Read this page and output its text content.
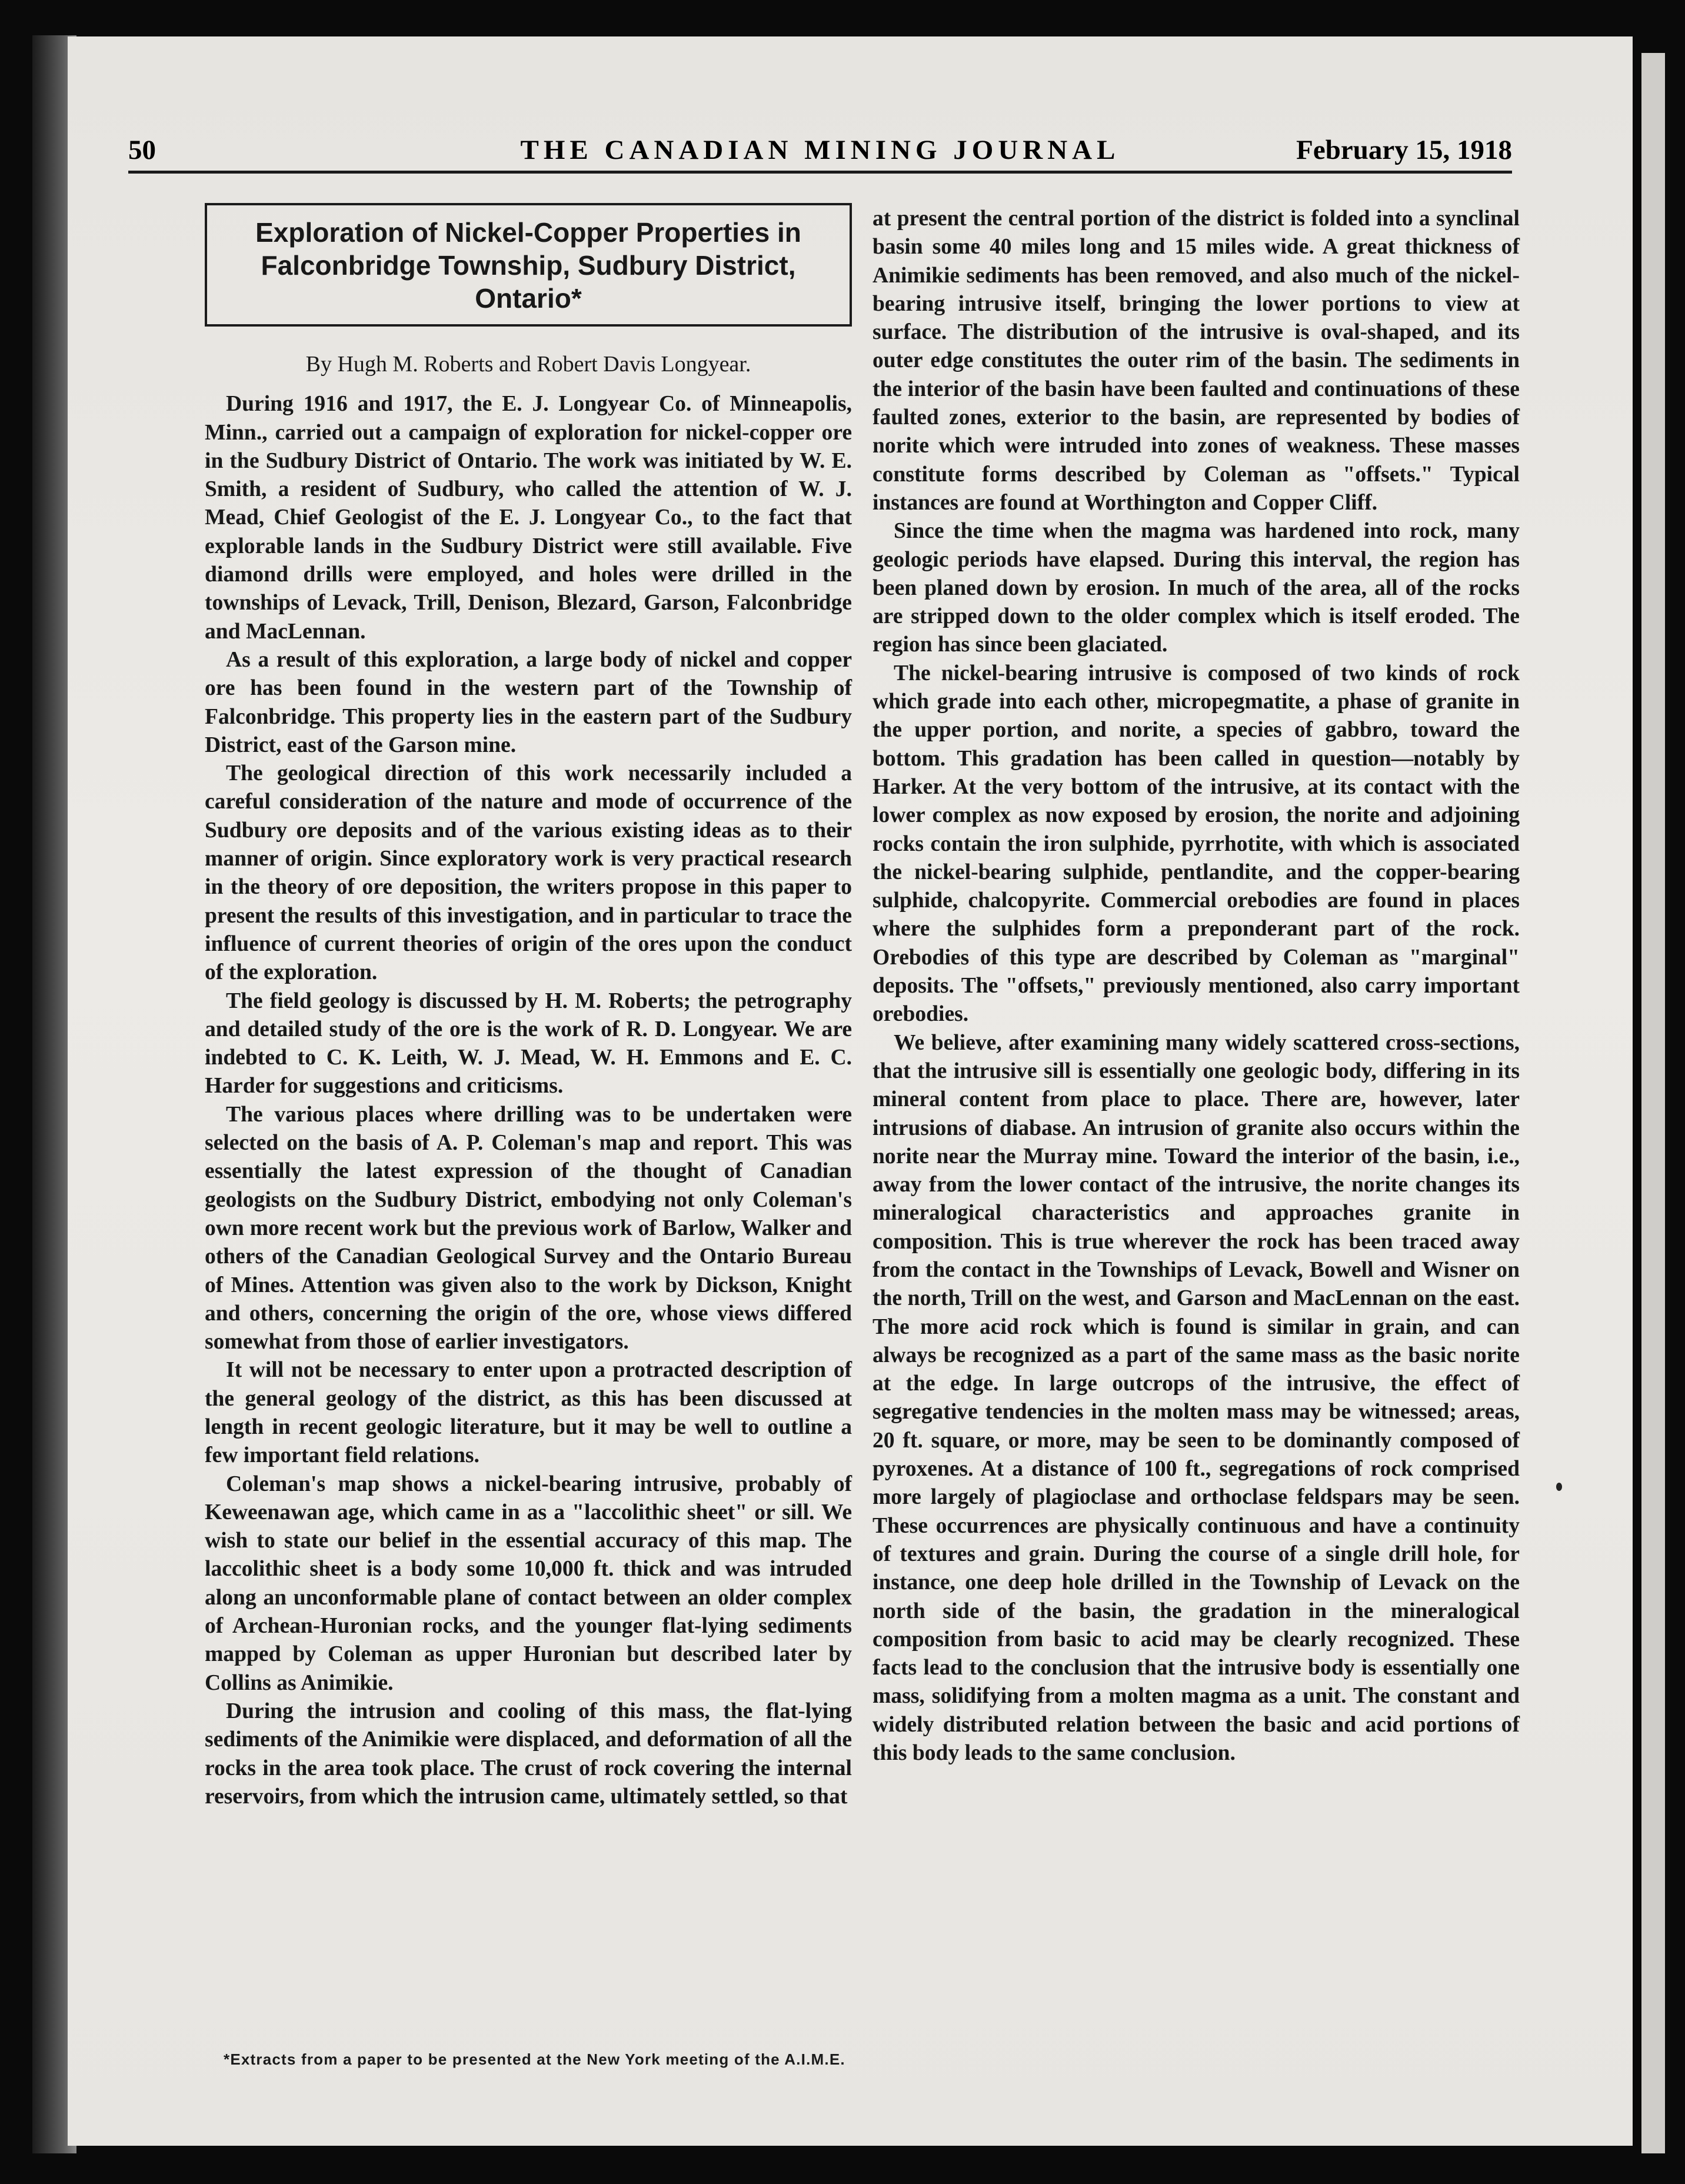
50	THE CANADIAN MINING JOURNAL	February 15, 1918
Exploration of Nickel-Copper Properties in Falconbridge Township, Sudbury District, Ontario*
By Hugh M. Roberts and Robert Davis Longyear.

During 1916 and 1917, the E. J. Longyear Co. of Minneapolis, Minn., carried out a campaign of exploration for nickel-copper ore in the Sudbury District of Ontario. The work was initiated by W. E. Smith, a resident of Sudbury, who called the attention of W. J. Mead, Chief Geologist of the E. J. Longyear Co., to the fact that explorable lands in the Sudbury District were still available. Five diamond drills were employed, and holes were drilled in the townships of Levack, Trill, Denison, Blezard, Garson, Falconbridge and MacLennan.

As a result of this exploration, a large body of nickel and copper ore has been found in the western part of the Township of Falconbridge. This property lies in the eastern part of the Sudbury District, east of the Garson mine.

The geological direction of this work necessarily included a careful consideration of the nature and mode of occurrence of the Sudbury ore deposits and of the various existing ideas as to their manner of origin. Since exploratory work is very practical research in the theory of ore deposition, the writers propose in this paper to present the results of this investigation, and in particular to trace the influence of current theories of origin of the ores upon the conduct of the exploration.

The field geology is discussed by H. M. Roberts; the petrography and detailed study of the ore is the work of R. D. Longyear. We are indebted to C. K. Leith, W. J. Mead, W. H. Emmons and E. C. Harder for suggestions and criticisms.

The various places where drilling was to be undertaken were selected on the basis of A. P. Coleman's map and report. This was essentially the latest expression of the thought of Canadian geologists on the Sudbury District, embodying not only Coleman's own more recent work but the previous work of Barlow, Walker and others of the Canadian Geological Survey and the Ontario Bureau of Mines. Attention was given also to the work by Dickson, Knight and others, concerning the origin of the ore, whose views differed somewhat from those of earlier investigators.

It will not be necessary to enter upon a protracted description of the general geology of the district, as this has been discussed at length in recent geologic literature, but it may be well to outline a few important field relations.

Coleman's map shows a nickel-bearing intrusive, probably of Keweenawan age, which came in as a "laccolithic sheet" or sill. We wish to state our belief in the essential accuracy of this map. The laccolithic sheet is a body some 10,000 ft. thick and was intruded along an unconformable plane of contact between an older complex of Archean-Huronian rocks, and the younger flat-lying sediments mapped by Coleman as upper Huronian but described later by Collins as Animikie.

During the intrusion and cooling of this mass, the flat-lying sediments of the Animikie were displaced, and deformation of all the rocks in the area took place. The crust of rock covering the internal reservoirs, from which the intrusion came, ultimately settled, so that

at present the central portion of the district is folded into a synclinal basin some 40 miles long and 15 miles wide. A great thickness of Animikie sediments has been removed, and also much of the nickel-bearing intrusive itself, bringing the lower portions to view at surface. The distribution of the intrusive is oval-shaped, and its outer edge constitutes the outer rim of the basin. The sediments in the interior of the basin have been faulted and continuations of these faulted zones, exterior to the basin, are represented by bodies of norite which were intruded into zones of weakness. These masses constitute forms described by Coleman as "offsets." Typical instances are found at Worthington and Copper Cliff.

Since the time when the magma was hardened into rock, many geologic periods have elapsed. During this interval, the region has been planed down by erosion. In much of the area, all of the rocks are stripped down to the older complex which is itself eroded. The region has since been glaciated.

The nickel-bearing intrusive is composed of two kinds of rock which grade into each other, micropegmatite, a phase of granite in the upper portion, and norite, a species of gabbro, toward the bottom. This gradation has been called in question—notably by Harker. At the very bottom of the intrusive, at its contact with the lower complex as now exposed by erosion, the norite and adjoining rocks contain the iron sulphide, pyrrhotite, with which is associated the nickel-bearing sulphide, pentlandite, and the copper-bearing sulphide, chalcopyrite. Commercial orebodies are found in places where the sulphides form a preponderant part of the rock. Orebodies of this type are described by Coleman as "marginal" deposits. The "offsets," previously mentioned, also carry important orebodies.

We believe, after examining many widely scattered cross-sections, that the intrusive sill is essentially one geologic body, differing in its mineral content from place to place. There are, however, later intrusions of diabase. An intrusion of granite also occurs within the norite near the Murray mine. Toward the interior of the basin, i.e., away from the lower contact of the intrusive, the norite changes its mineralogical characteristics and approaches granite in composition. This is true wherever the rock has been traced away from the contact in the Townships of Levack, Bowell and Wisner on the north, Trill on the west, and Garson and MacLennan on the east. The more acid rock which is found is similar in grain, and can always be recognized as a part of the same mass as the basic norite at the edge. In large outcrops of the intrusive, the effect of segregative tendencies in the molten mass may be witnessed; areas, 20 ft. square, or more, may be seen to be dominantly composed of pyroxenes. At a distance of 100 ft., segregations of rock comprised more largely of plagioclase and orthoclase feldspars may be seen. These occurrences are physically continuous and have a continuity of textures and grain. During the course of a single drill hole, for instance, one deep hole drilled in the Township of Levack on the north side of the basin, the gradation in the mineralogical composition from basic to acid may be clearly recognized. These facts lead to the conclusion that the intrusive body is essentially one mass, solidifying from a molten magma as a unit. The constant and widely distributed relation between the basic and acid portions of this body leads to the same conclusion.

*Extracts from a paper to be presented at the New York meeting of the A.I.M.E.
